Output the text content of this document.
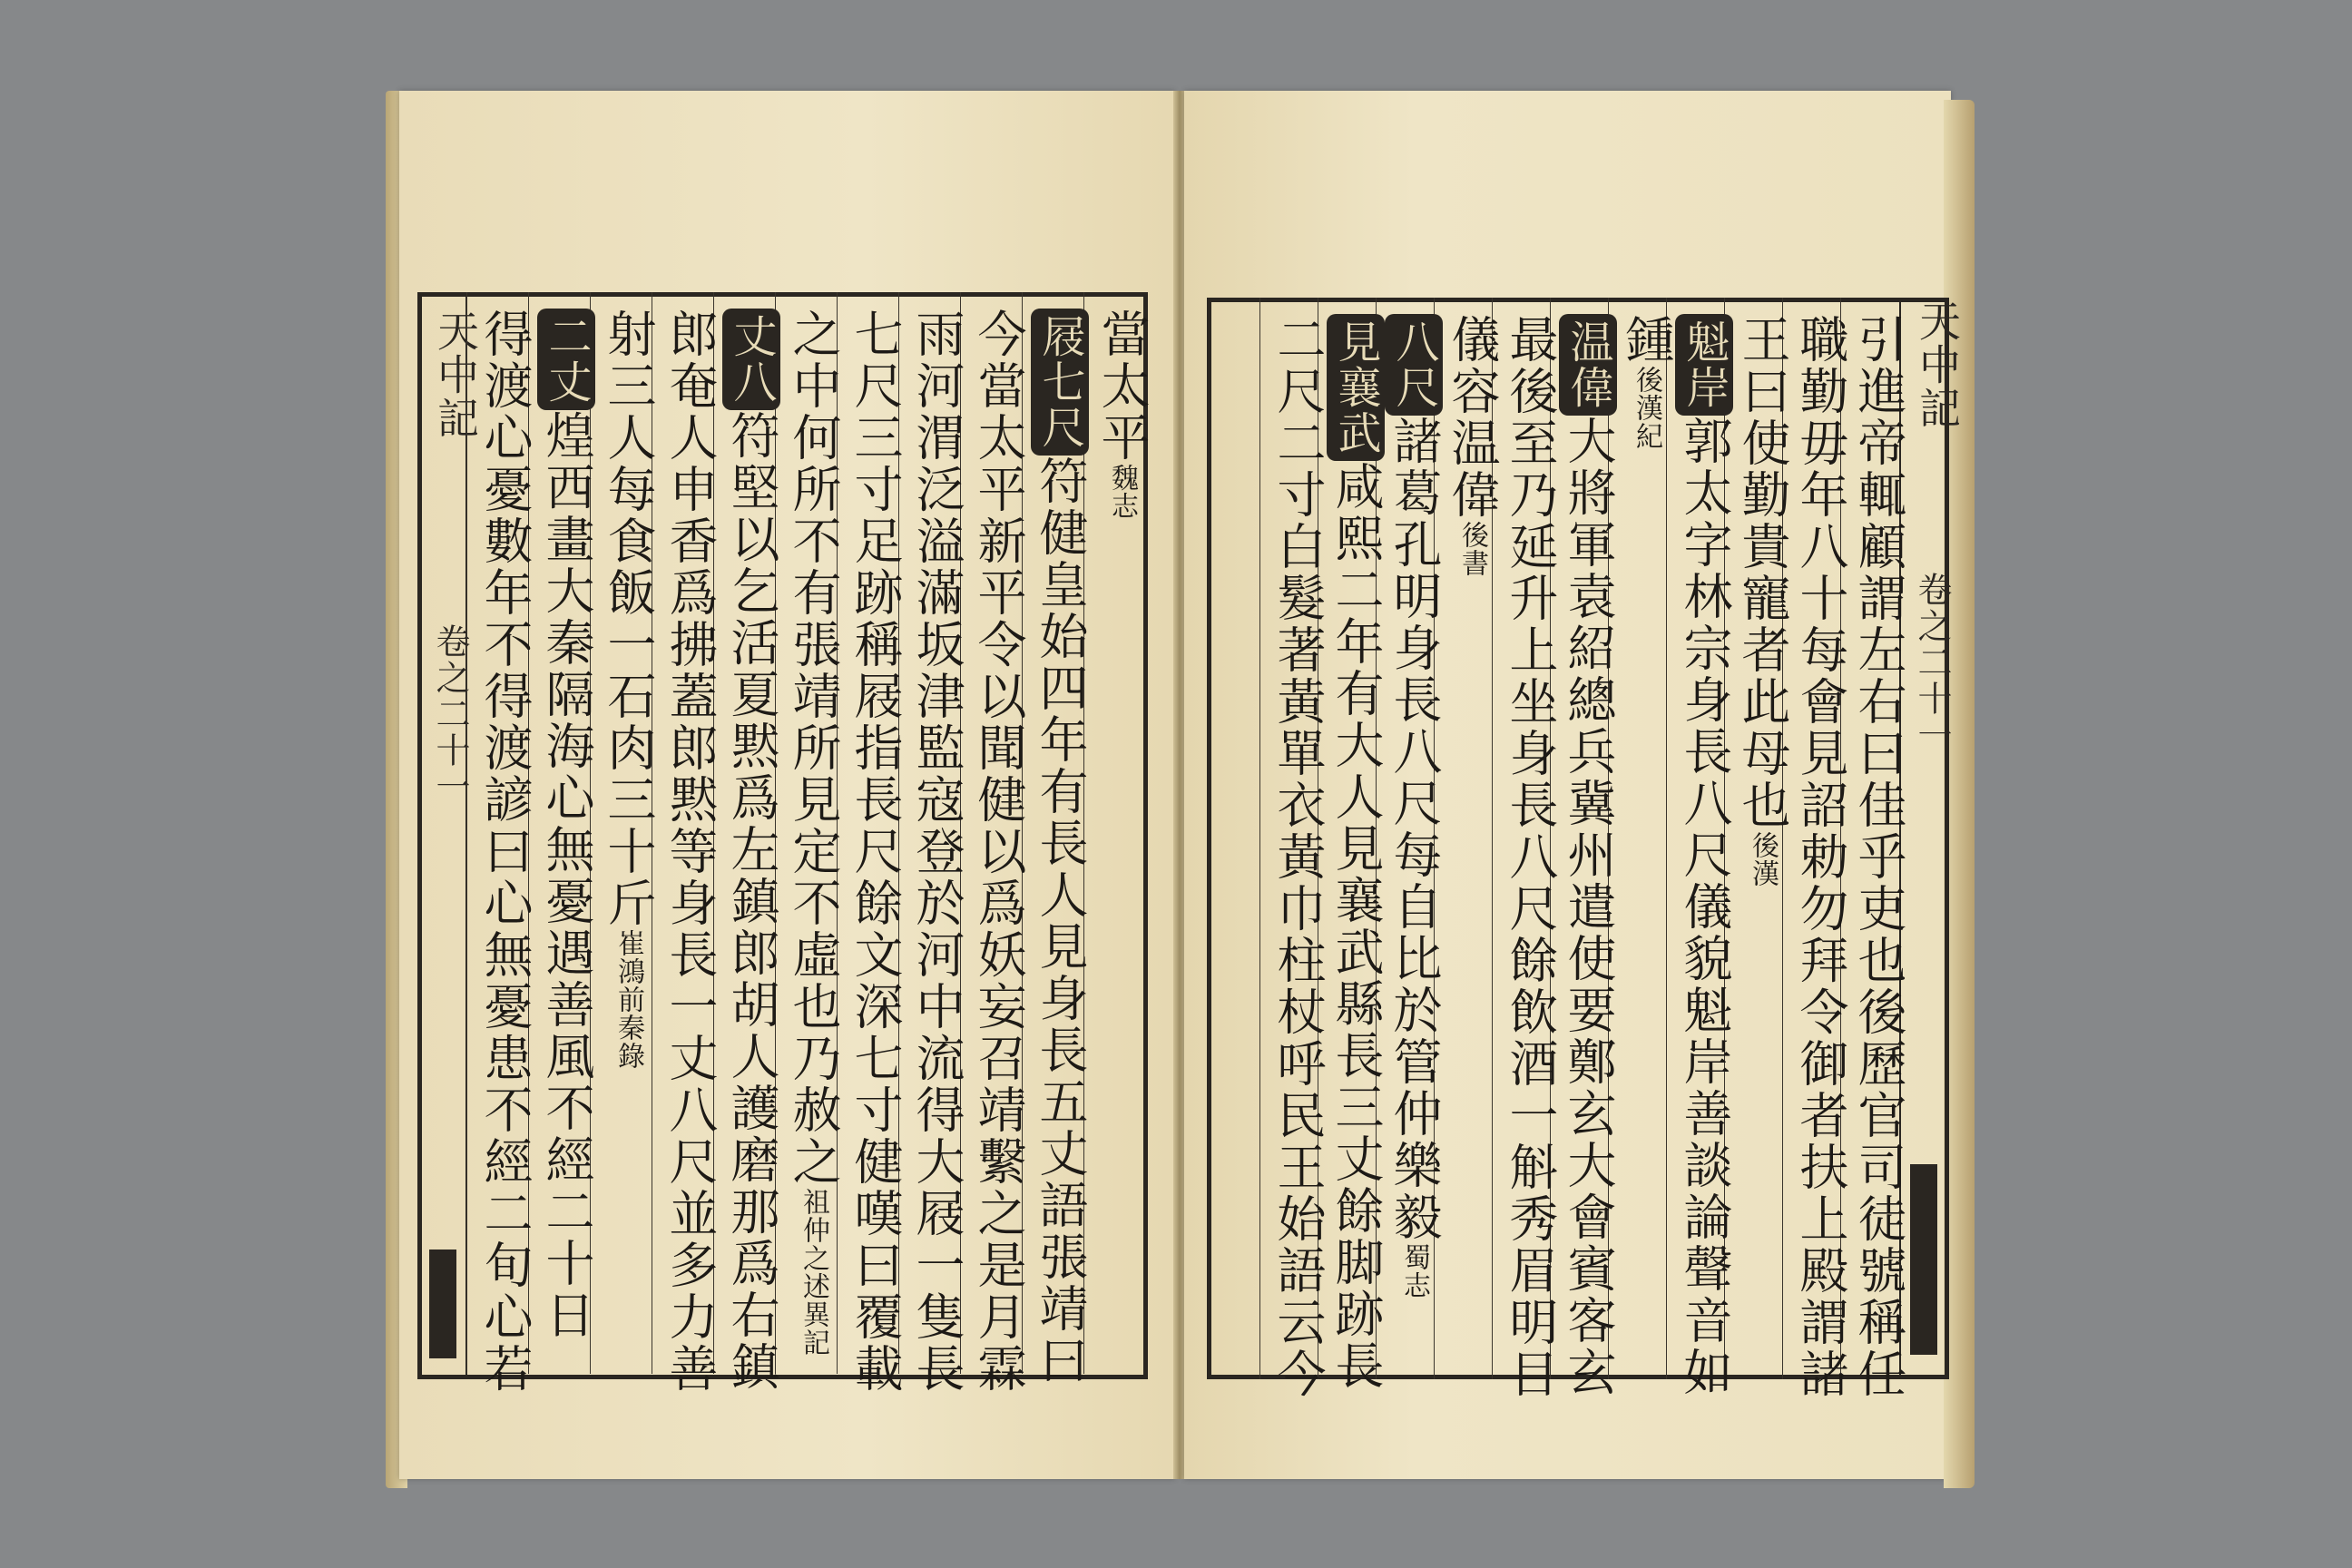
天中記
卷之二十一
當太平魏志
屐七尺符健皇始四年有長人見身長五丈語張靖曰
今當太平新平令以聞健以爲妖妄召靖繫之是月霖
雨河渭泛溢滿坂津監寇登於河中流得大屐一隻長
七尺三寸足跡稱屐指長尺餘文深七寸健嘆曰覆載
之中何所不有張靖所見定不虛也乃赦之祖仲之述異記
丈八符堅以乞活夏黙爲左鎮郎胡人護磨那爲右鎮
郎奄人申香爲拂蓋郎黙等身長一丈八尺並多力善
射三人每食飯一石肉三十斤崔鴻前秦錄
二丈煌西畫大秦隔海心無憂遇善風不經二十日
得渡心憂數年不得渡諺曰心無憂患不經二旬心若	天中記
卷之二十一
引進帝輒顧謂左右曰佳乎吏也後歷官司徒號稱任
職勤毋年八十每會見詔勅勿拜令御者扶上殿謂諸
王曰使勤貴寵者此母也後漢
魁岸郭太字林宗身長八尺儀貌魁岸善談論聲音如
鍾後漢紀
温偉大將軍袁紹總兵冀州遣使要鄭玄大會賓客玄
最後至乃延升上坐身長八尺餘飲酒一斛秀眉明目
儀容温偉後書
八尺諸葛孔明身長八尺每自比於管仲樂毅蜀志
見襄武咸熙二年有大人見襄武縣長三丈餘脚跡長
二尺二寸白髮著黃單衣黃巾柱杖呼民王始語云今
